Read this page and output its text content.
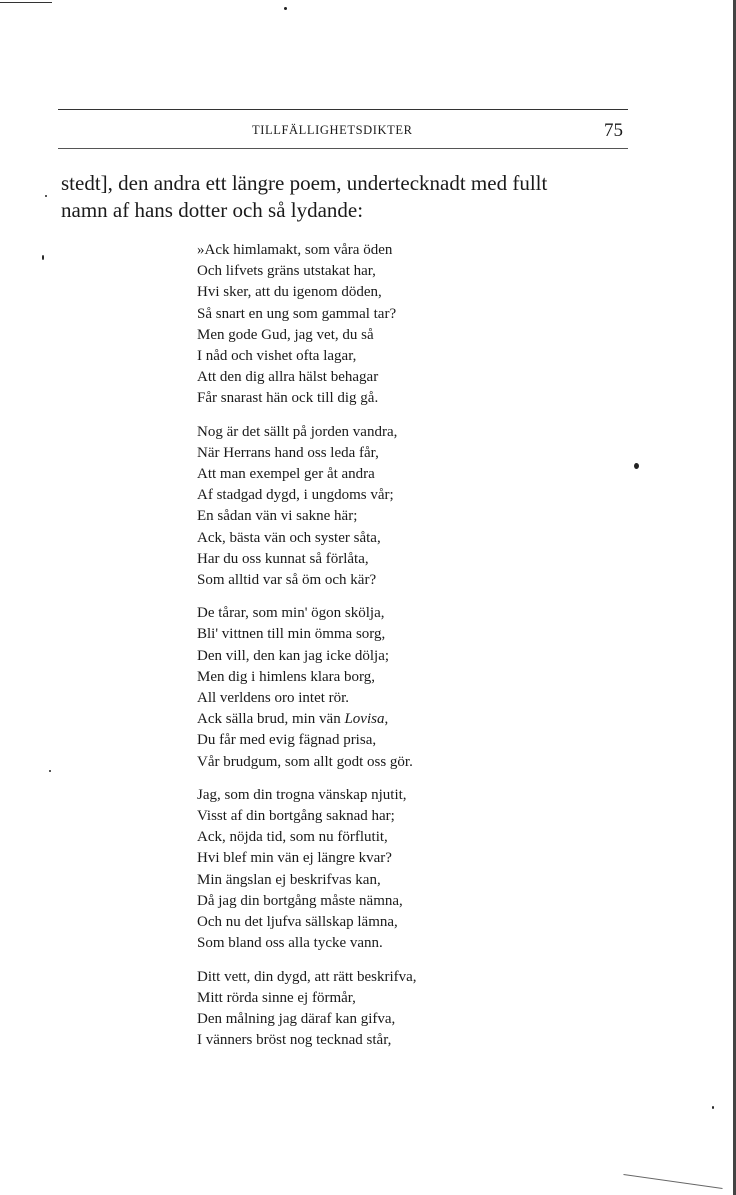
TILLFÄLLIGHETSDIKTER	75
stedt], den andra ett längre poem, undertecknadt med fullt
namn af hans dotter och så lydande:
»Ack himlamakt, som våra öden
Och lifvets gräns utstakat har,
Hvi sker, att du igenom döden,
Så snart en ung som gammal tar?
Men gode Gud, jag vet, du så
I nåd och vishet ofta lagar,
Att den dig allra hälst behagar
Får snarast hän ock till dig gå.
Nog är det sällt på jorden vandra,
När Herrans hand oss leda får,
Att man exempel ger åt andra
Af stadgad dygd, i ungdoms vår;
En sådan vän vi sakne här;
Ack, bästa vän och syster såta,
Har du oss kunnat så förlåta,
Som alltid var så öm och kär?
De tårar, som min' ögon skölja,
Bli' vittnen till min ömma sorg,
Den vill, den kan jag icke dölja;
Men dig i himlens klara borg,
All verldens oro intet rör.
Ack sälla brud, min vän Lovisa,
Du får med evig fägnad prisa,
Vår brudgum, som allt godt oss gör.
Jag, som din trogna vänskap njutit,
Visst af din bortgång saknad har;
Ack, nöjda tid, som nu förflutit,
Hvi blef min vän ej längre kvar?
Min ängslan ej beskrifvas kan,
Då jag din bortgång måste nämna,
Och nu det ljufva sällskap lämna,
Som bland oss alla tycke vann.
Ditt vett, din dygd, att rätt beskrifva,
Mitt rörda sinne ej förmår,
Den målning jag däraf kan gifva,
I vänners bröst nog tecknad står,
